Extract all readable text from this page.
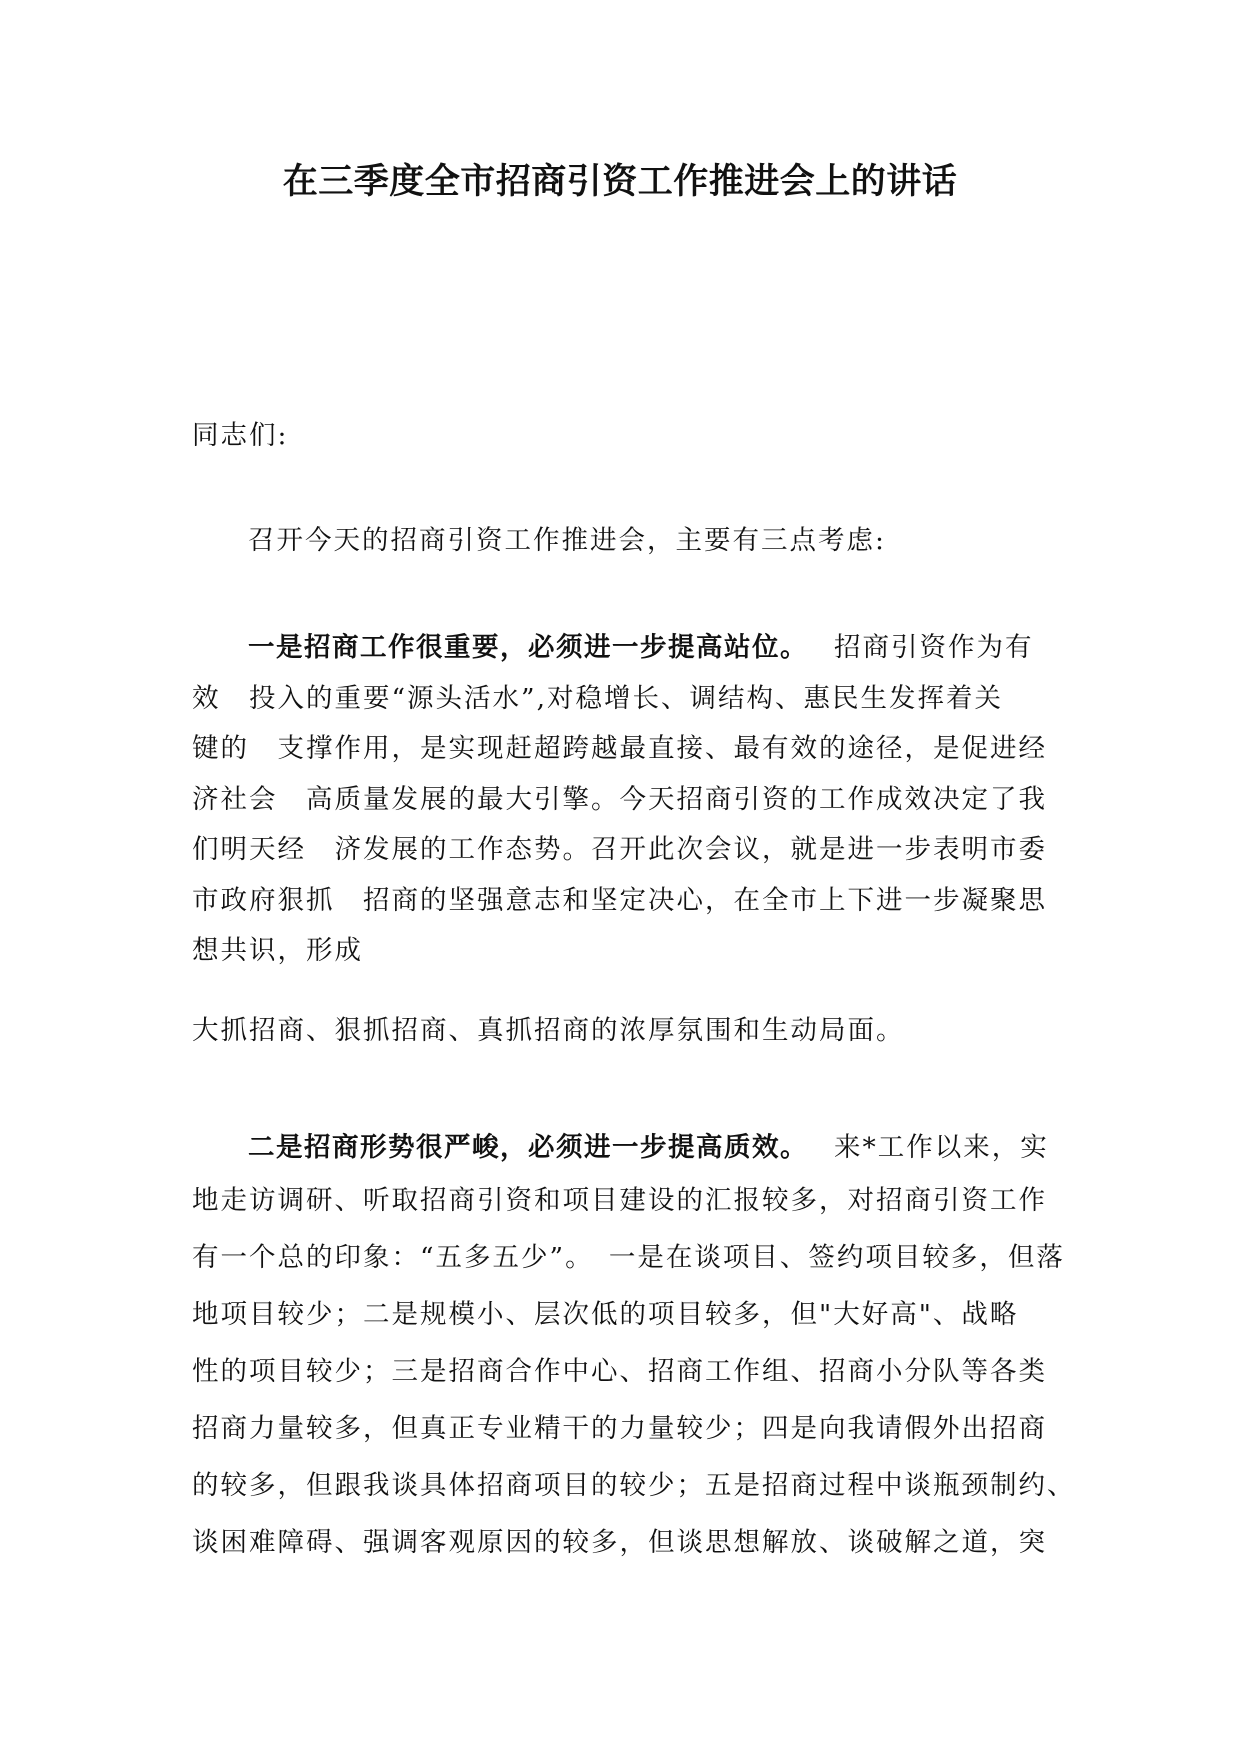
在三季度全市招商引资工作推进会上的讲话
同志们:
召开今天的招商引资工作推进会，主要有三点考虑:
一是招商工作很重要，必须进一步提高站位。 招商引资作为有
效　投入的重要“源头活水”,对稳增长、调结构、惠民生发挥着关
键的　支撑作用，是实现赶超跨越最直接、最有效的途径，是促进经
济社会　高质量发展的最大引擎。今天招商引资的工作成效决定了我
们明天经　济发展的工作态势。召开此次会议，就是进一步表明市委
市政府狠抓　招商的坚强意志和坚定决心，在全市上下进一步凝聚思
想共识，形成
大抓招商、狠抓招商、真抓招商的浓厚氛围和生动局面。
二是招商形势很严峻，必须进一步提高质效。 来*工作以来，实
地走访调研、听取招商引资和项目建设的汇报较多，对招商引资工作
有一个总的印象：“五多五少”。　一是在谈项目、签约项目较多，但落
地项目较少；二是规模小、层次低的项目较多，但"大好高"、战略
性的项目较少；三是招商合作中心、招商工作组、招商小分队等各类
招商力量较多，但真正专业精干的力量较少；四是向我请假外出招商
的较多，但跟我谈具体招商项目的较少；五是招商过程中谈瓶颈制约、
谈困难障碍、强调客观原因的较多，但谈思想解放、谈破解之道，突
